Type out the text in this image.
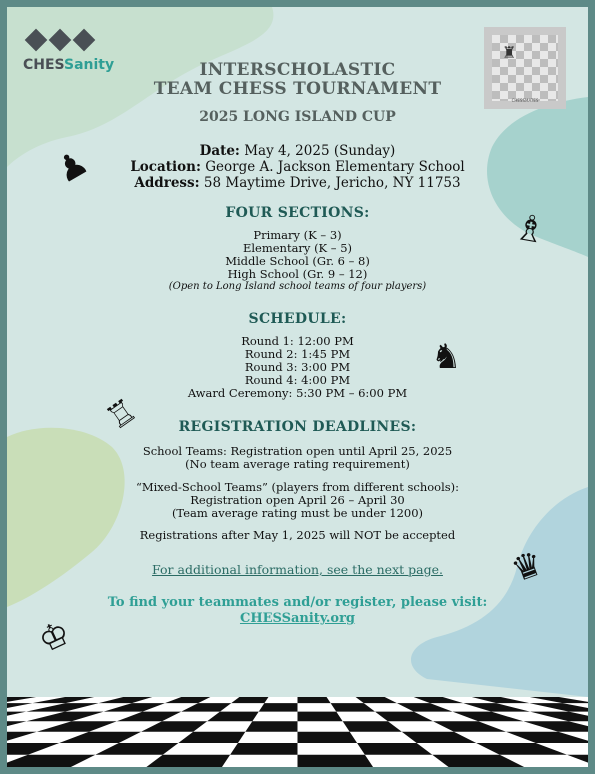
CHESSanity
♜
CHESSMATES
♟
♗
♞
♖
♛
♔
INTERSCHOLASTIC
TEAM CHESS TOURNAMENT
2025 LONG ISLAND CUP
Date: May 4, 2025 (Sunday)
Location: George A. Jackson Elementary School
Address: 58 Maytime Drive, Jericho, NY 11753
FOUR SECTIONS:
Primary (K – 3)
Elementary (K – 5)
Middle School (Gr. 6 – 8)
High School (Gr. 9 – 12)
(Open to Long Island school teams of four players)
SCHEDULE:
Round 1: 12:00 PM
Round 2: 1:45 PM
Round 3: 3:00 PM
Round 4: 4:00 PM
Award Ceremony: 5:30 PM – 6:00 PM
REGISTRATION DEADLINES:
School Teams: Registration open until April 25, 2025
(No team average rating requirement)
“Mixed-School Teams” (players from different schools):
Registration open April 26 – April 30
(Team average rating must be under 1200)
Registrations after May 1, 2025 will NOT be accepted
For additional information, see the next page.
To find your teammates and/or register, please visit:
CHESSanity.org
